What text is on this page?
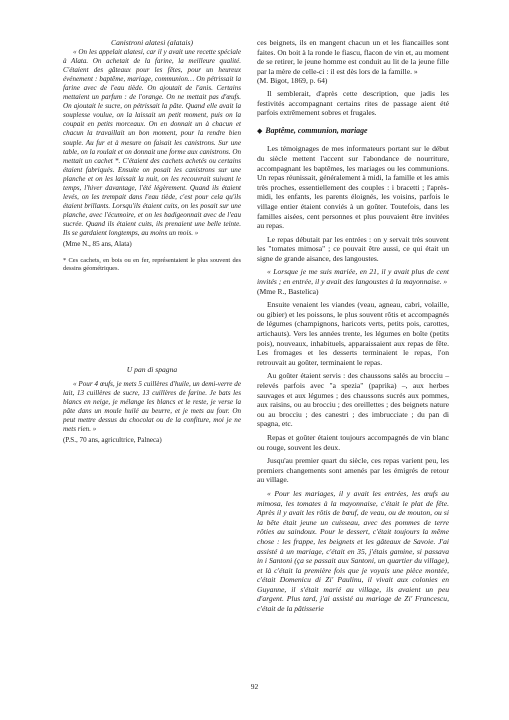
Canistroni alatesi (alatais)

« On les appelait alatesi, car il y avait une recette spéciale à Alata. On achetait de la farine, la meilleure qualité. C'étaient des gâteaux pour les fêtes, pour un heureux événement : baptême, mariage, communion… On pétrissait la farine avec de l'eau tiède. On ajoutait de l'anis. Certains mettaient un parfum : de l'orange. On ne mettait pas d'œufs. On ajoutait le sucre, on pétrissait la pâte. Quand elle avait la souplesse voulue, on la laissait un petit moment, puis on la coupait en petits morceaux. On en donnait un à chacun et chacun la travaillait un bon moment, pour la rendre bien souple. Au fur et à mesure on faisait les canistrons. Sur une table, on la roulait et on donnait une forme aux canistrons. On mettait un cachet *. C'étaient des cachets achetés ou certains étaient fabriqués. Ensuite on posait les canistrons sur une planche et on les laissait la nuit, on les recouvrait suivant le temps, l'hiver davantage, l'été légèrement. Quand ils étaient levés, on les trempait dans l'eau tiède, c'est pour cela qu'ils étaient brillants. Lorsqu'ils étaient cuits, on les posait sur une planche, avec l'écumoire, et on les badigeonnait avec de l'eau sucrée. Quand ils étaient cuits, ils prenaient une belle teinte. Ils se gardaient longtemps, au moins un mois. »

(Mme N., 85 ans, Alata)

* Ces cachets, en bois ou en fer, représentaient le plus souvent des dessins géométriques.

U pan di spagna

« Pour 4 œufs, je mets 5 cuillères d'huile, un demi-verre de lait, 13 cuillères de sucre, 13 cuillères de farine. Je bats les blancs en neige, je mélange les blancs et le reste, je verse la pâte dans un moule huilé au beurre, et je mets au four. On peut mettre dessus du chocolat ou de la confiture, moi je ne mets rien. »

(P.S., 70 ans, agricultrice, Palneca)

ces beignets, ils en mangent chacun un et les fiancailles sont faites. On boit à la ronde le fiascu, flacon de vin et, au moment de se retirer, le jeune homme est conduit au lit de la jeune fille par la mère de celle-ci : il est dès lors de la famille. »

(M. Bigot, 1869, p. 64)

Il semblerait, d'après cette description, que jadis les festivités accompagnant certains rites de passage aient été parfois extrêmement sobres et frugales.

◆ Baptême, communion, mariage

Les témoignages de mes informateurs portant sur le début du siècle mettent l'accent sur l'abondance de nourriture, accompagnant les baptêmes, les mariages ou les communions. Un repas réunissait, généralement à midi, la famille et les amis très proches, essentiellement des couples : i bracetti ; l'après-midi, les enfants, les parents éloignés, les voisins, parfois le village entier étaient conviés à un goûter. Toutefois, dans les familles aisées, cent personnes et plus pouvaient être invitées au repas.

Le repas débutait par les entrées : on y servait très souvent les "tomates mimosa" ; ce pouvait être aussi, ce qui était un signe de grande aisance, des langoustes.

« Lorsque je me suis mariée, en 21, il y avait plus de cent invités ; en entrée, il y avait des langoustes à la mayonnaise. »

(Mme R., Bastelica)

Ensuite venaient les viandes (veau, agneau, cabri, volaille, ou gibier) et les poissons, le plus souvent rôtis et accompagnés de légumes (champignons, haricots verts, petits pois, carottes, artichauts). Vers les années trente, les légumes en boîte (petits pois), nouveaux, inhabituels, apparaissaient aux repas de fête. Les fromages et les desserts terminaient le repas, l'on retrouvait au goûter, terminaient le repas.

Au goûter étaient servis : des chaussons salés au brocciu – relevés parfois avec "a spezia" (paprika) –, aux herbes sauvages et aux légumes ; des chaussons sucrés aux pommes, aux raisins, ou au brocciu ; des oreillettes ; des beignets nature ou au brocciu ; des canestri ; des imbrucciate ; du pan di spagna, etc.

Repas et goûter étaient toujours accompagnés de vin blanc ou rouge, souvent les deux.

Jusqu'au premier quart du siècle, ces repas varient peu, les premiers changements sont amenés par les émigrés de retour au village.

« Pour les mariages, il y avait les entrées, les œufs au mimosa, les tomates à la mayonnaise, c'était le plat de fête. Après il y avait les rôtis de bœuf, de veau, ou de mouton, ou si la bête était jeune un cuisseau, avec des pommes de terre rôties au saindoux. Pour le dessert, c'était toujours la même chose : les frappe, les beignets et les gâteaux de Savoie. J'ai assisté à un mariage, c'était en 35, j'étais gamine, si passava in i Santoni (ça se passait aux Santoni, un quartier du village), et là c'était la première fois que je voyais une pièce montée, c'était Domenicu di Zi' Paulinu, il vivait aux colonies en Guyanne, il s'était marié au village, ils avaient un peu d'argent. Plus tard, j'ai assisté au mariage de Zi' Francescu, c'était de la pâtisserie

92
